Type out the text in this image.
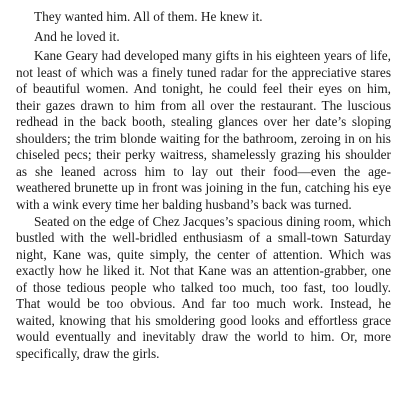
They wanted him. All of them. He knew it.

And he loved it.

Kane Geary had developed many gifts in his eighteen years of life, not least of which was a finely tuned radar for the appreciative stares of beautiful women. And tonight, he could feel their eyes on him, their gazes drawn to him from all over the restaurant. The luscious redhead in the back booth, stealing glances over her date’s sloping shoulders; the trim blonde waiting for the bathroom, zeroing in on his chiseled pecs; their perky waitress, shamelessly grazing his shoulder as she leaned across him to lay out their food—even the age-weathered brunette up in front was joining in the fun, catching his eye with a wink every time her balding husband’s back was turned.

Seated on the edge of Chez Jacques’s spacious dining room, which bustled with the well-bridled enthusiasm of a small-town Saturday night, Kane was, quite simply, the center of attention. Which was exactly how he liked it. Not that Kane was an attention-grabber, one of those tedious people who talked too much, too fast, too loudly. That would be too obvious. And far too much work. Instead, he waited, knowing that his smoldering good looks and effortless grace would eventually and inevitably draw the world to him. Or, more specifically, draw the girls.
